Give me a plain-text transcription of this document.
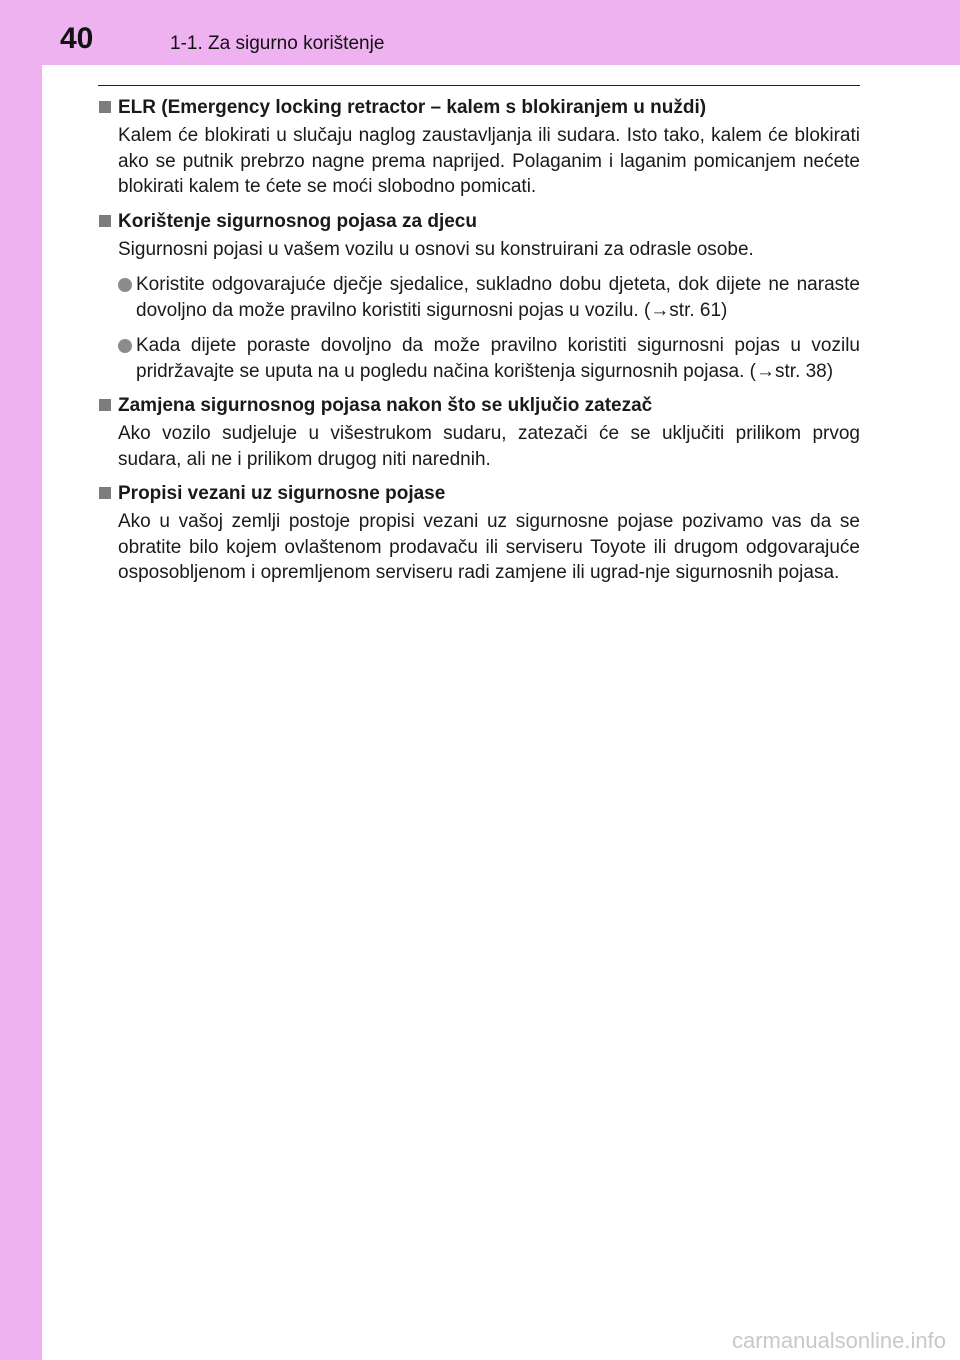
40	1-1. Za sigurno korištenje
ELR (Emergency locking retractor – kalem s blokiranjem u nuždi)
Kalem će blokirati u slučaju naglog zaustavljanja ili sudara. Isto tako, kalem će blokirati ako se putnik prebrzo nagne prema naprijed. Polaganim i laganim pomicanjem nećete blokirati kalem te ćete se moći slobodno pomicati.
Korištenje sigurnosnog pojasa za djecu
Sigurnosni pojasi u vašem vozilu u osnovi su konstruirani za odrasle osobe.
Koristite odgovarajuće dječje sjedalice, sukladno dobu djeteta, dok dijete ne naraste dovoljno da može pravilno koristiti sigurnosni pojas u vozilu. (→str. 61)
Kada dijete poraste dovoljno da može pravilno koristiti sigurnosni pojas u vozilu pridržavajte se uputa na u pogledu načina korištenja sigurnosnih pojasa. (→str. 38)
Zamjena sigurnosnog pojasa nakon što se uključio zatezač
Ako vozilo sudjeluje u višestrukom sudaru, zatezači će se uključiti prilikom prvog sudara, ali ne i prilikom drugog niti narednih.
Propisi vezani uz sigurnosne pojase
Ako u vašoj zemlji postoje propisi vezani uz sigurnosne pojase pozivamo vas da se obratite bilo kojem ovlaštenom prodavaču ili serviseru Toyote ili drugom odgovarajuće osposobljenom i opremljenom serviseru radi zamjene ili ugrad-nje sigurnosnih pojasa.
carmanualsonline.info
